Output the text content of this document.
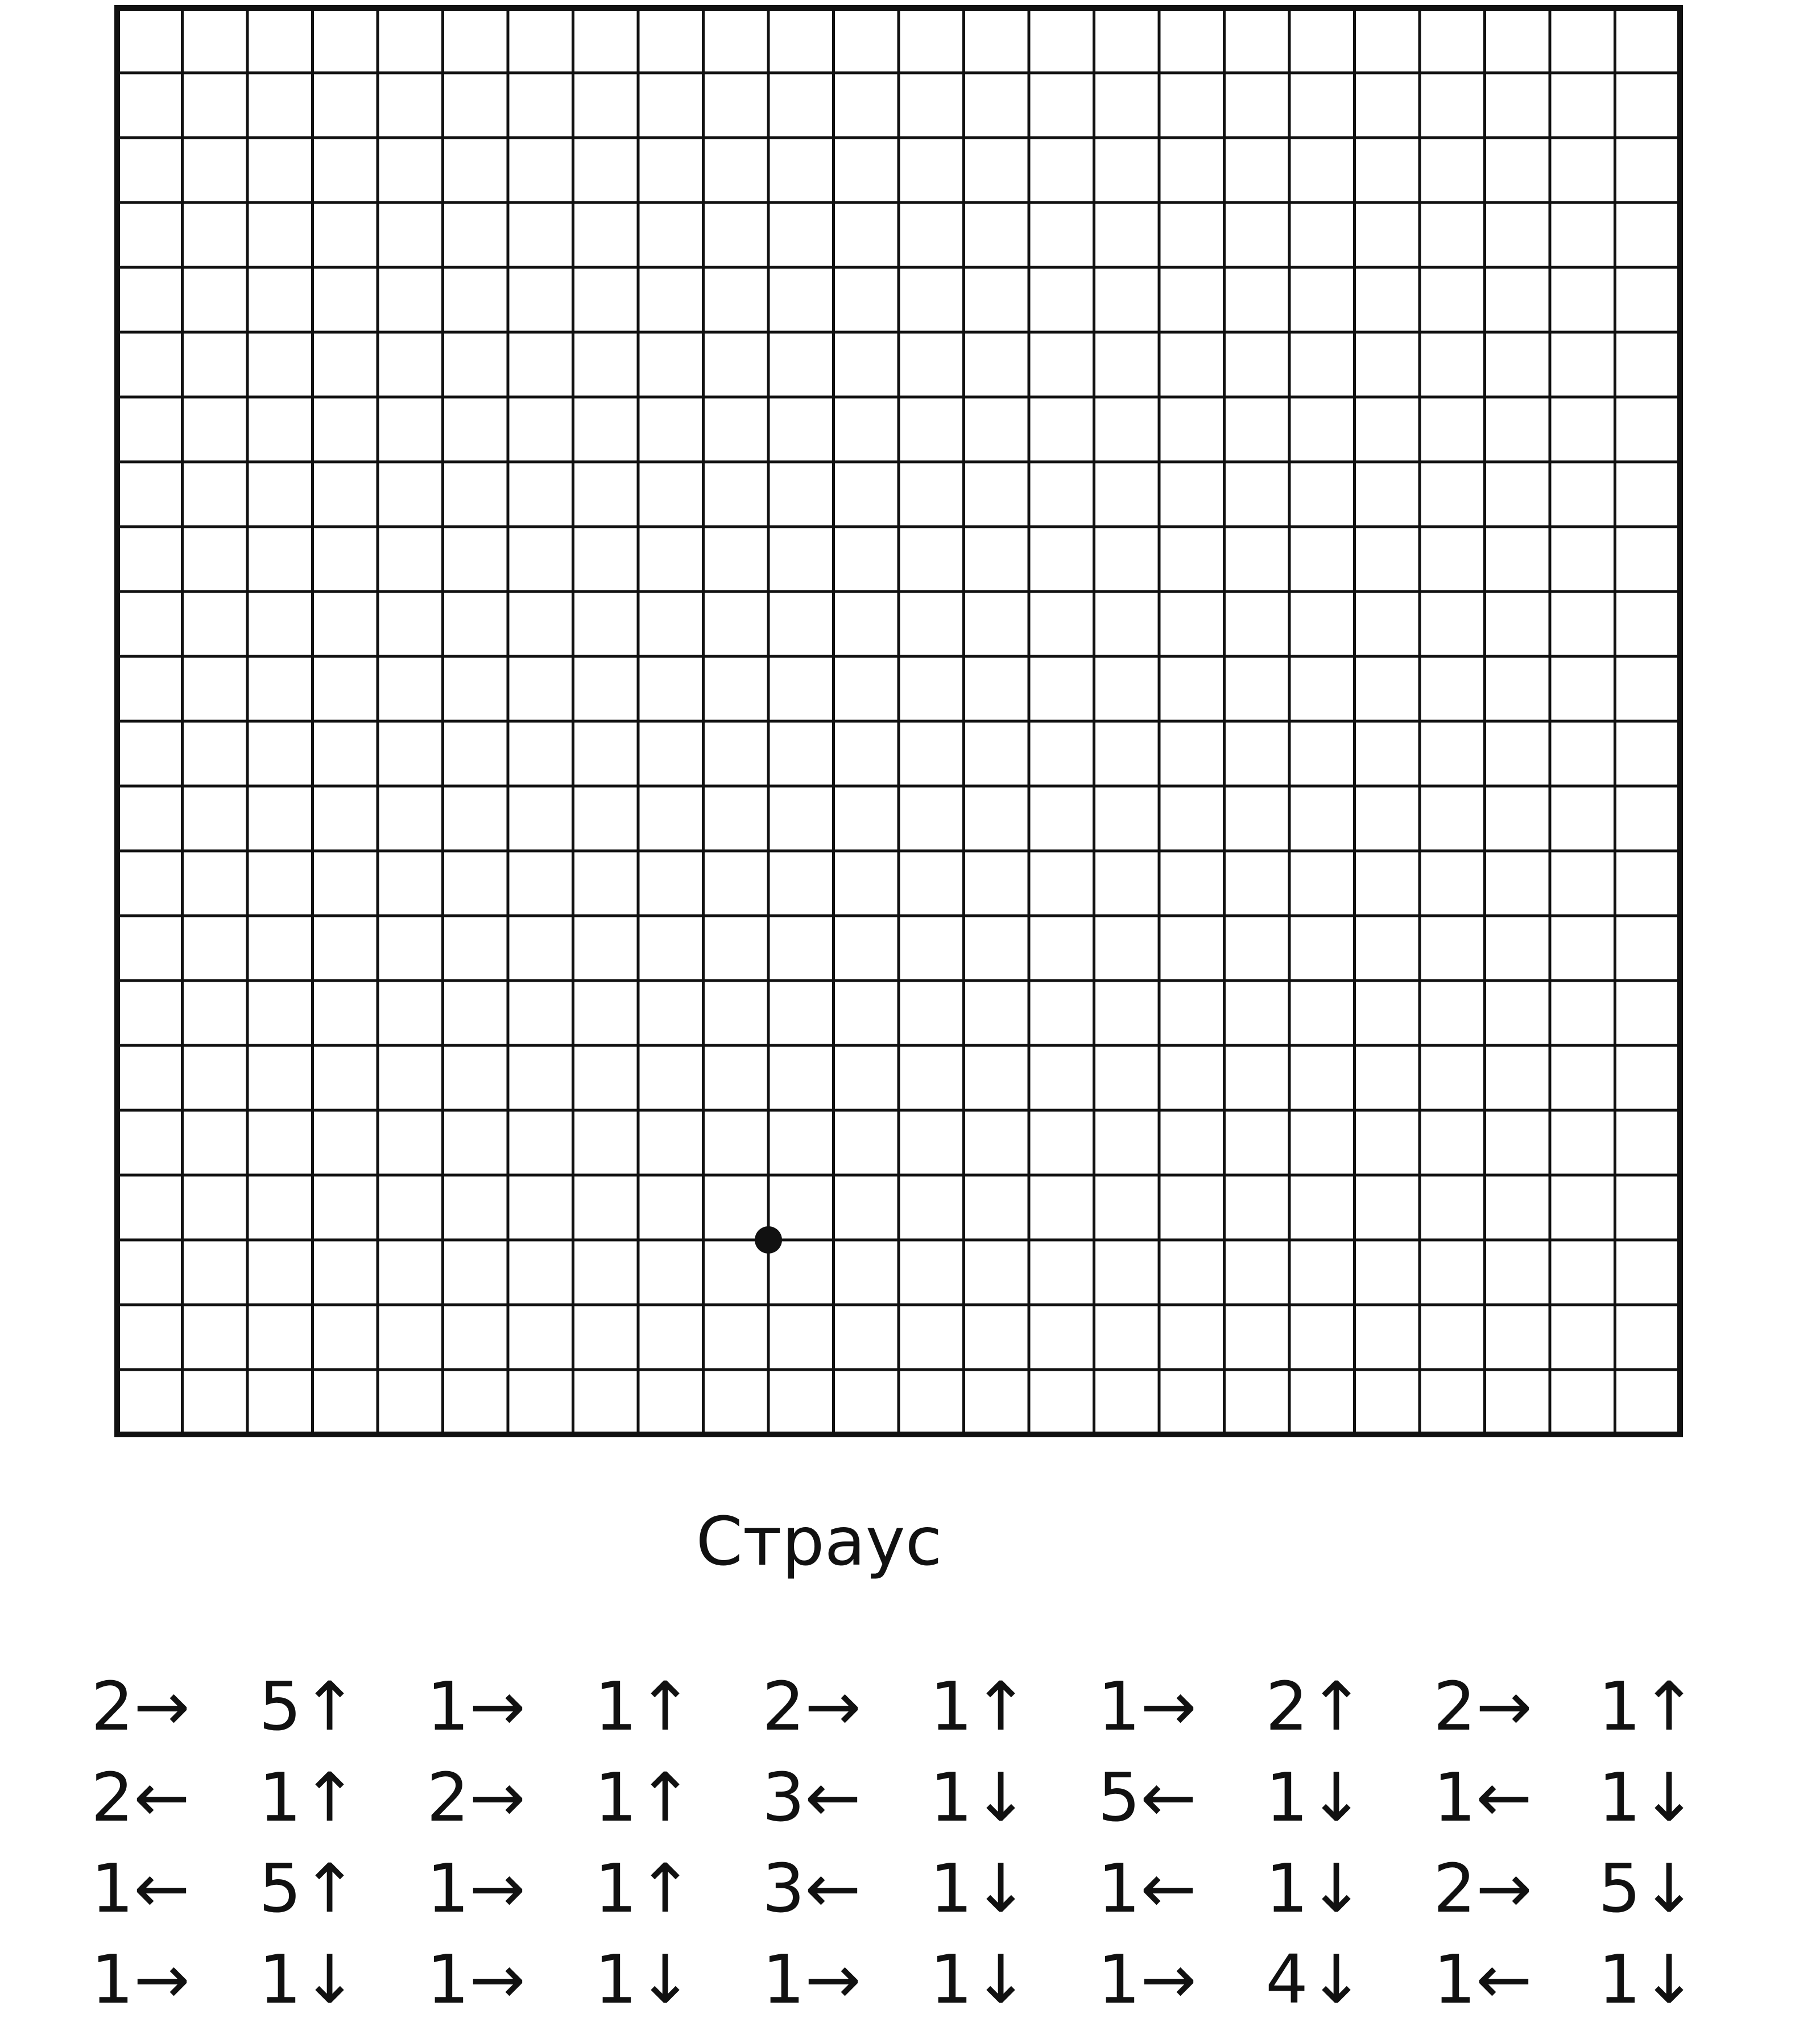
Страус
2→	5↑	1→	1↑	2→	1↑	1→	2↑	2→ 1↑
2←	1↑	2→	1↑	3←	1↓	5←	1↓	1← 1↓
1←	5↑	1→	1↑	3←	1↓	1←	1↓	2→ 5↓
1→	1↓	1→	1↓	1→	1↓	1→	4↓	1← 1↓
